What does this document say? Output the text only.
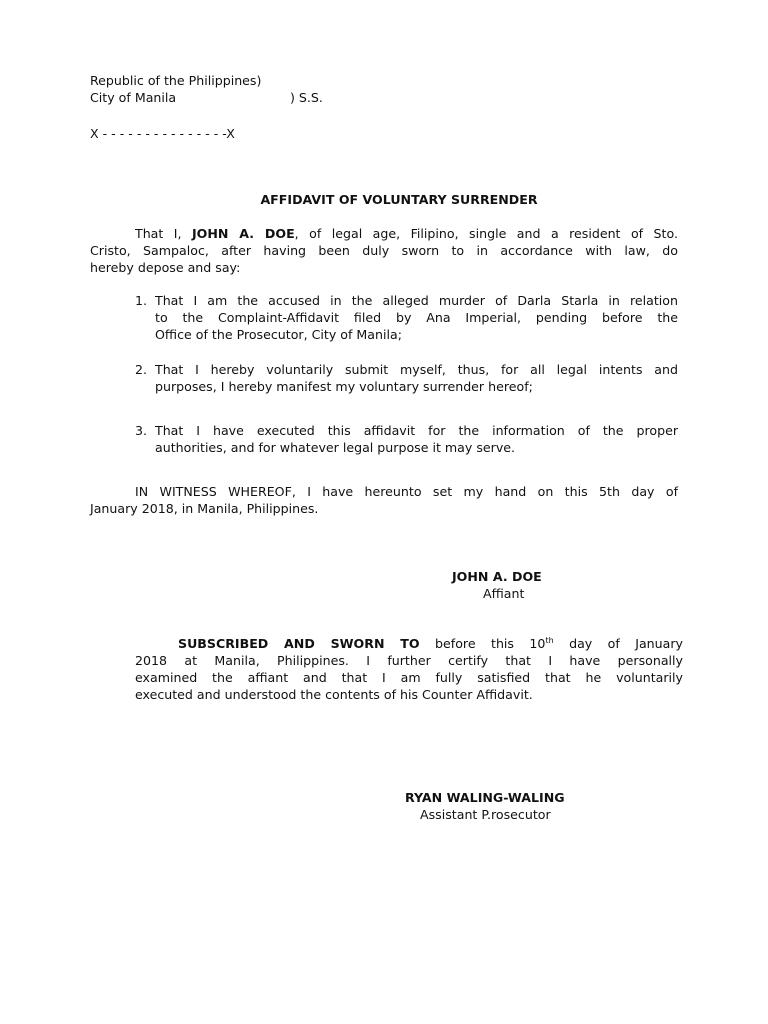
Republic of the Philippines)
City of Manila	) S.S.
X - - - - - - - - - - - - - - -X
AFFIDAVIT OF VOLUNTARY SURRENDER
That I, JOHN A. DOE, of legal age, Filipino, single and a resident of Sto.
Cristo, Sampaloc, after having been duly sworn to in accordance with law, do
hereby depose and say:
1. That I am the accused in the alleged murder of Darla Starla in relation
to the Complaint-Affidavit filed by Ana Imperial, pending before the
Office of the Prosecutor, City of Manila;
2. That I hereby voluntarily submit myself, thus, for all legal intents and
purposes, I hereby manifest my voluntary surrender hereof;
3. That I have executed this affidavit for the information of the proper
authorities, and for whatever legal purpose it may serve.
IN WITNESS WHEREOF, I have hereunto set my hand on this 5th day of
January 2018, in Manila, Philippines.
JOHN A. DOE
Affiant
SUBSCRIBED AND SWORN TO before this 10th day of January
2018 at Manila, Philippines. I further certify that I have personally
examined the affiant and that I am fully satisfied that he voluntarily
executed and understood the contents of his Counter Affidavit.
RYAN WALING-WALING
Assistant P.rosecutor
